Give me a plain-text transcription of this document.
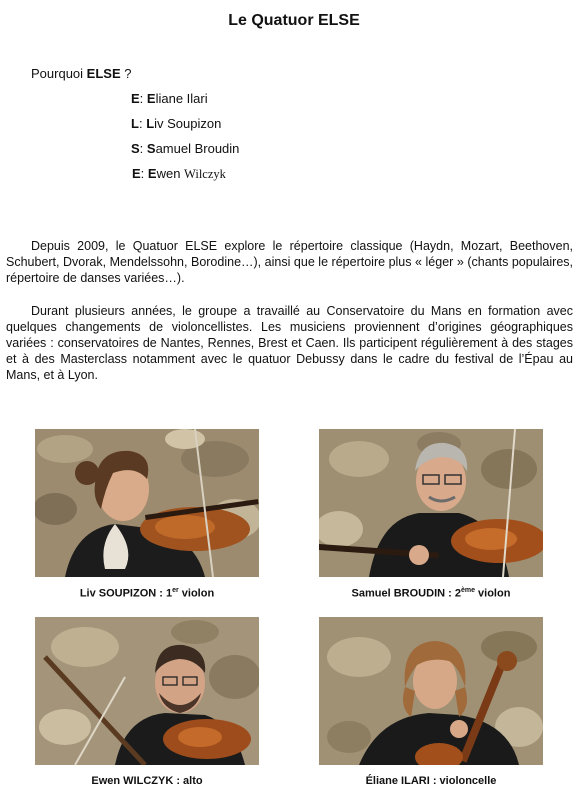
Le Quatuor ELSE
Pourquoi ELSE ?
E: Eliane Ilari
L: Liv Soupizon
S: Samuel Broudin
E: Ewen Wilczyk

Depuis 2009, le Quatuor ELSE explore le répertoire classique (Haydn, Mozart, Beethoven, Schubert, Dvorak, Mendelssohn, Borodine…), ainsi que le répertoire plus « léger » (chants populaires, répertoire de danses variées…).

Durant plusieurs années, le groupe a travaillé au Conservatoire du Mans en formation avec quelques changements de violoncellistes. Les musiciens proviennent d’origines géographiques variées : conservatoires de Nantes, Rennes, Brest et Caen. Ils participent régulièrement à des stages et à des Masterclass notamment avec le quatuor Debussy dans le cadre du festival de l’Épau au Mans, et à Lyon.

Liv SOUPIZON : 1er violon	Samuel BROUDIN : 2ème violon
Ewen WILCZYK : alto	Éliane ILARI : violoncelle
